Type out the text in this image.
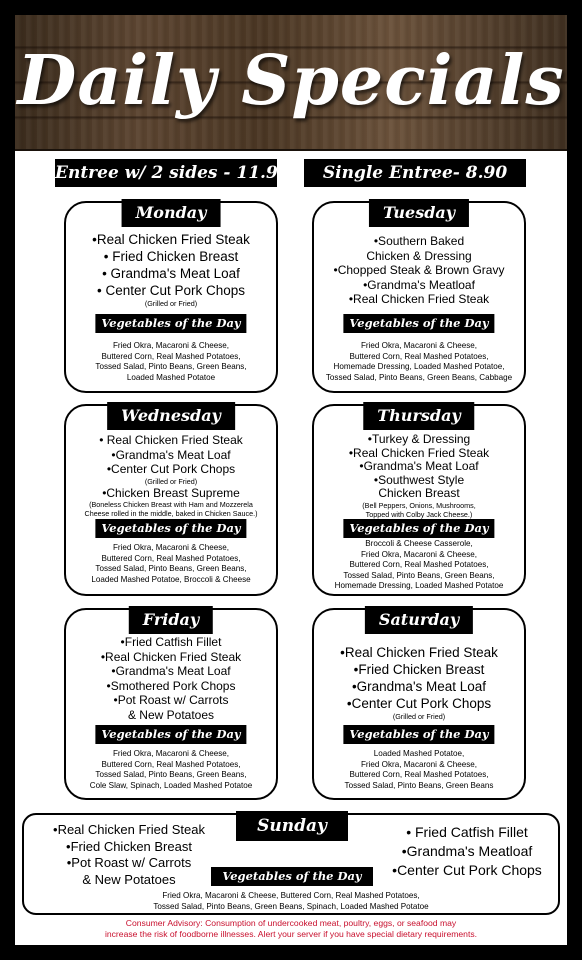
Daily Specials
Entree w/ 2 sides - 11.95	Single Entree- 8.90
Monday
•Real Chicken Fried Steak
• Fried Chicken Breast
• Grandma's Meat Loaf
• Center Cut Pork Chops
(Grilled or Fried)
Vegetables of the Day
Fried Okra, Macaroni & Cheese,
Buttered Corn, Real Mashed Potatoes,
Tossed Salad, Pinto Beans, Green Beans,
Loaded Mashed Potatoe
Tuesday
•Southern Baked
Chicken & Dressing
•Chopped Steak & Brown Gravy
•Grandma's Meatloaf
•Real Chicken Fried Steak
Vegetables of the Day
Fried Okra, Macaroni & Cheese,
Buttered Corn, Real Mashed Potatoes,
Homemade Dressing, Loaded Mashed Potatoe,
Tossed Salad, Pinto Beans, Green Beans, Cabbage
Wednesday
• Real Chicken Fried Steak
•Grandma's Meat Loaf
•Center Cut Pork Chops
(Grilled or Fried)
•Chicken Breast Supreme
(Boneless Chicken Breast with Ham and Mozzerela
Cheese rolled in the middle, baked in Chicken Sauce.)
Vegetables of the Day
Fried Okra, Macaroni & Cheese,
Buttered Corn, Real Mashed Potatoes,
Tossed Salad, Pinto Beans, Green Beans,
Loaded Mashed Potatoe, Broccoli & Cheese
Thursday
•Turkey & Dressing
•Real Chicken Fried Steak
•Grandma's Meat Loaf
•Southwest Style
Chicken Breast
(Bell Peppers, Onions, Mushrooms,
Topped with Colby Jack Cheese.)
Vegetables of the Day
Broccoli & Cheese Casserole,
Fried Okra, Macaroni & Cheese,
Buttered Corn, Real Mashed Potatoes,
Tossed Salad, Pinto Beans, Green Beans,
Homemade Dressing, Loaded Mashed Potatoe
Friday
•Fried Catfish Fillet
•Real Chicken Fried Steak
•Grandma's Meat Loaf
•Smothered Pork Chops
•Pot Roast w/ Carrots
& New Potatoes
Vegetables of the Day
Fried Okra, Macaroni & Cheese,
Buttered Corn, Real Mashed Potatoes,
Tossed Salad, Pinto Beans, Green Beans,
Cole Slaw, Spinach, Loaded Mashed Potatoe
Saturday
•Real Chicken Fried Steak
•Fried Chicken Breast
•Grandma's Meat Loaf
•Center Cut Pork Chops
(Grilled or Fried)
Vegetables of the Day
Loaded Mashed Potatoe,
Fried Okra, Macaroni & Cheese,
Buttered Corn, Real Mashed Potatoes,
Tossed Salad, Pinto Beans, Green Beans
Sunday
•Real Chicken Fried Steak
•Fried Chicken Breast
•Pot Roast w/ Carrots
& New Potatoes
• Fried Catfish Fillet
•Grandma's Meatloaf
•Center Cut Pork Chops
Vegetables of the Day
Fried Okra, Macaroni & Cheese, Buttered Corn, Real Mashed Potatoes,
Tossed Salad, Pinto Beans, Green Beans, Spinach, Loaded Mashed Potatoe
Consumer Advisory: Consumption of undercooked meat, poultry, eggs, or seafood may
increase the risk of foodborne illnesses. Alert your server if you have special dietary requirements.
